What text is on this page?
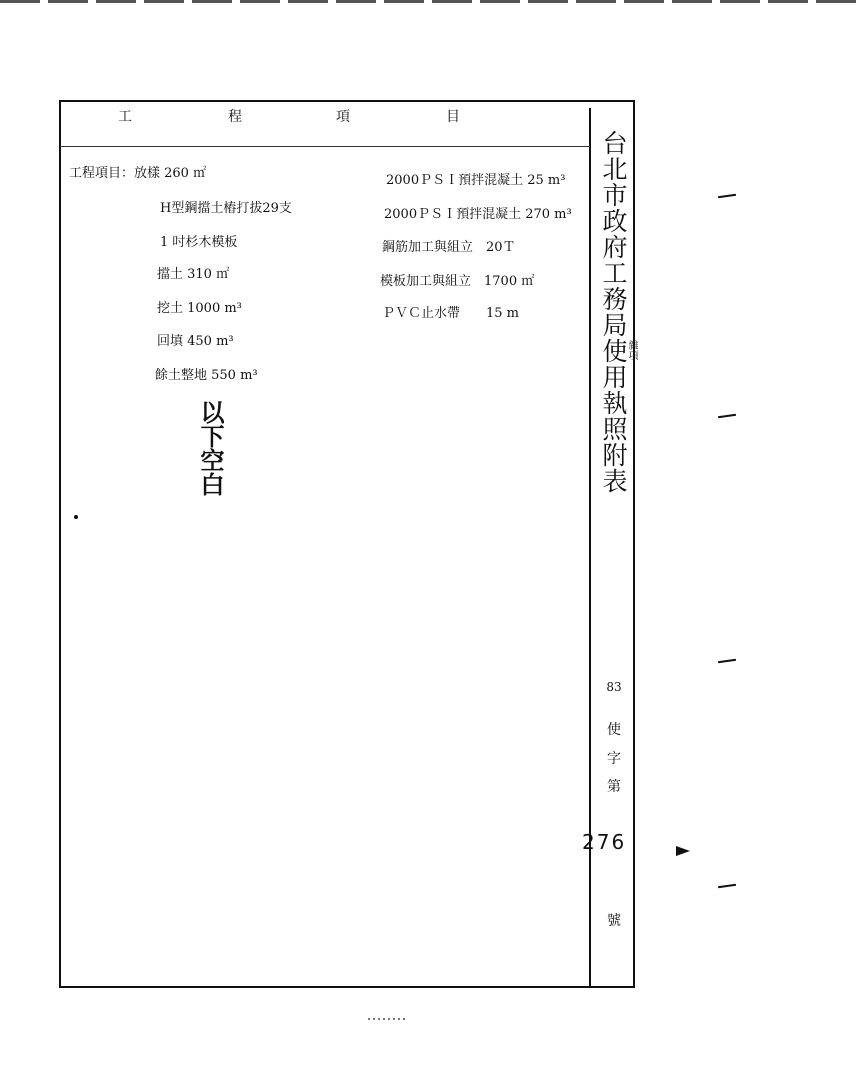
工	程	項	目
工程項目：放樣 260 ㎡
H型鋼擋土樁打拔29支
1 吋杉木模板
擋土 310 ㎡
挖土 1000 m³
回填 450 m³
餘土整地 550 m³
2000ＰＳＩ預拌混凝土 25 m³
2000ＰＳＩ預拌混凝土 270 m³
鋼筋加工與組立　20Ｔ
模板加工與組立　1700 ㎡
ＰＶＣ止水帶　　15 m
以下空白	台北市政府工務局使用執照附表
雜項
83
使
字
第
276
號
